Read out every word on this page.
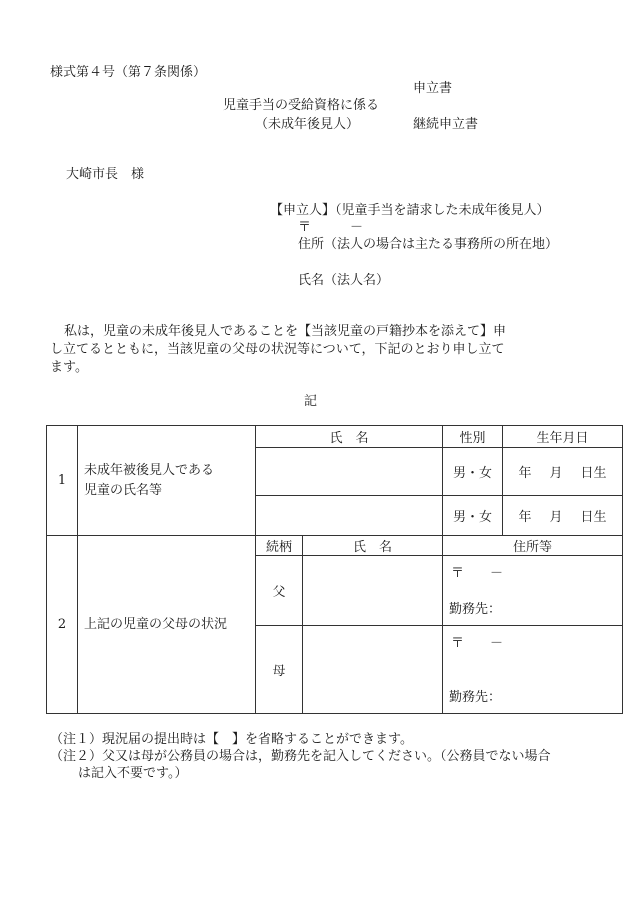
様式第４号（第７条関係）
申立書
児童手当の受給資格に係る
（未成年後見人）	継続申立書
大崎市長　様
【申立人】（児童手当を請求した未成年後見人）
〒　　　－
住所（法人の場合は主たる事務所の所在地）
氏名（法人名）
私は，児童の未成年後見人であることを【当該児童の戸籍抄本を添えて】申
し立てるとともに，当該児童の父母の状況等について，下記のとおり申し立て
ます。
記
1	未成年被後見人である
児童の氏名等	氏　名		性別	生年月日
				男・女	年 月 日生
				男・女	年 月 日生
2	上記の児童の父母の状況	続柄	氏　名	住所等	
		父		〒　　－
勤務先：	

		母		〒　　－
勤務先：	
（注１）現況届の提出時は【　】を省略することができます。
（注２）父又は母が公務員の場合は，勤務先を記入してください。（公務員でない場合
は記入不要です。）
